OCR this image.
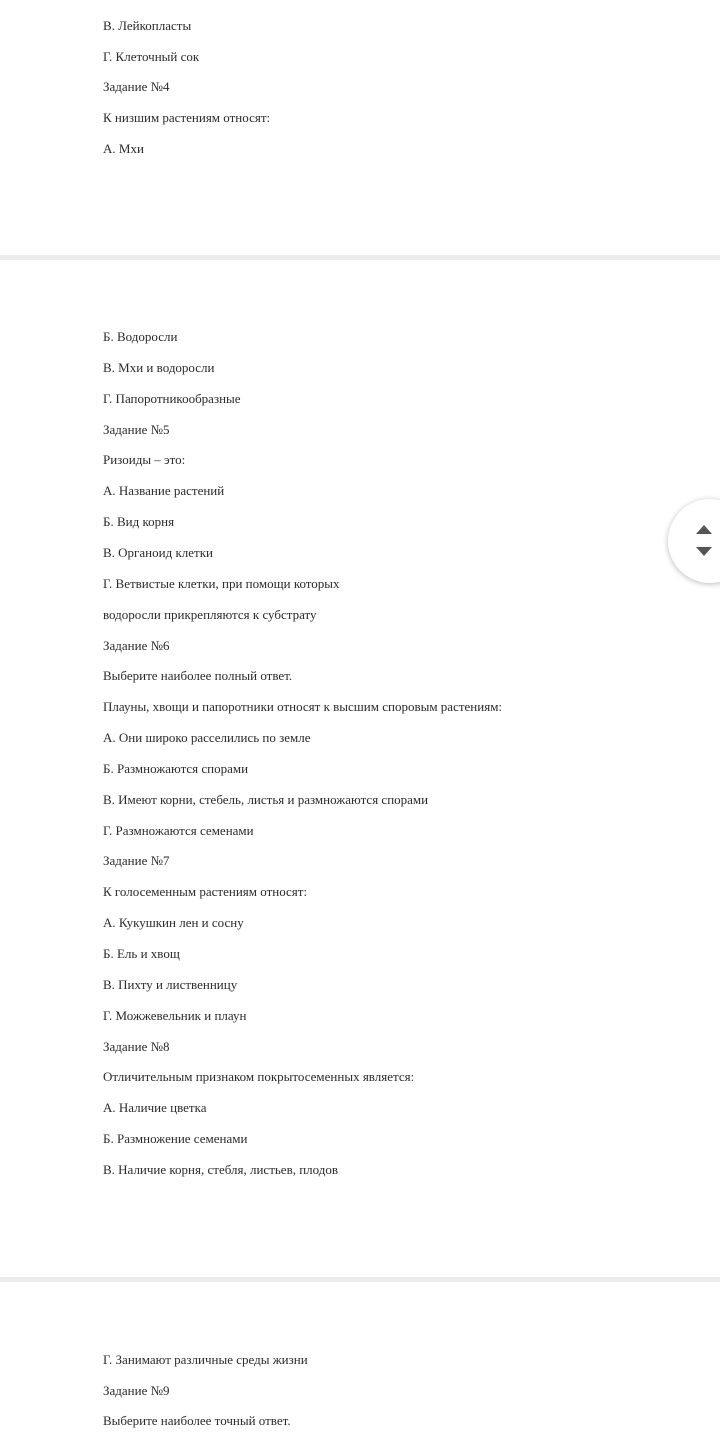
В. Лейкопласты

Г. Клеточный сок

Задание №4

К низшим растениям относят:

А. Мхи

Б. Водоросли

В. Мхи и водоросли

Г. Папоротникообразные

Задание №5

Ризоиды – это:

А. Название растений

Б. Вид корня

В. Органоид клетки

Г. Ветвистые клетки, при помощи которых

водоросли прикрепляются к субстрату

Задание №6

Выберите наиболее полный ответ.

Плауны, хвощи и папоротники относят к высшим споровым растениям:

А. Они широко расселились по земле

Б. Размножаются спорами

В. Имеют корни, стебель, листья и размножаются спорами

Г. Размножаются семенами

Задание №7

К голосеменным растениям относят:

А. Кукушкин лен и сосну

Б. Ель и хвощ

В. Пихту и лиственницу

Г. Можжевельник и плаун

Задание №8

Отличительным признаком покрытосеменных является:

А. Наличие цветка

Б. Размножение семенами

В. Наличие корня, стебля, листьев, плодов

Г. Занимают различные среды жизни

Задание №9

Выберите наиболее точный ответ.
